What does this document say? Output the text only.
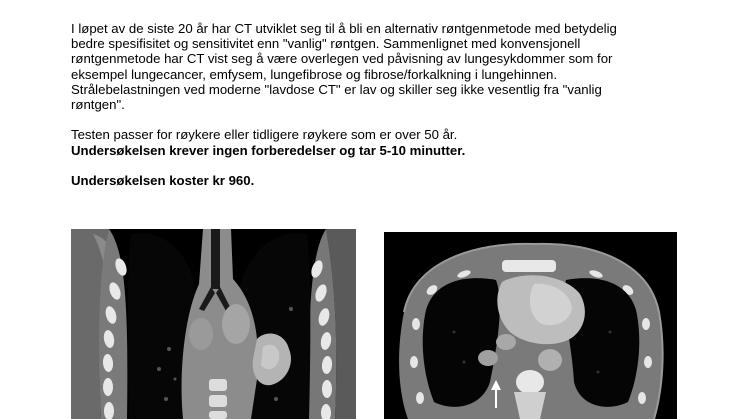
I løpet av de siste 20 år har CT utviklet seg til å bli en alternativ røntgenmetode med betydelig
bedre spesifisitet og sensitivitet enn "vanlig" røntgen. Sammenlignet med konvensjonell
røntgenmetode har CT vist seg å være overlegen ved påvisning av lungesykdommer som for
eksempel lungecancer, emfysem, lungefibrose og fibrose/forkalkning i lungehinnen.
Strålebelastningen ved moderne "lavdose CT" er lav og skiller seg ikke vesentlig fra "vanlig
røntgen".
Testen passer for røykere eller tidligere røykere som er over 50 år.
Undersøkelsen krever ingen forberedelser og tar 5-10 minutter.
Undersøkelsen koster kr 960.
